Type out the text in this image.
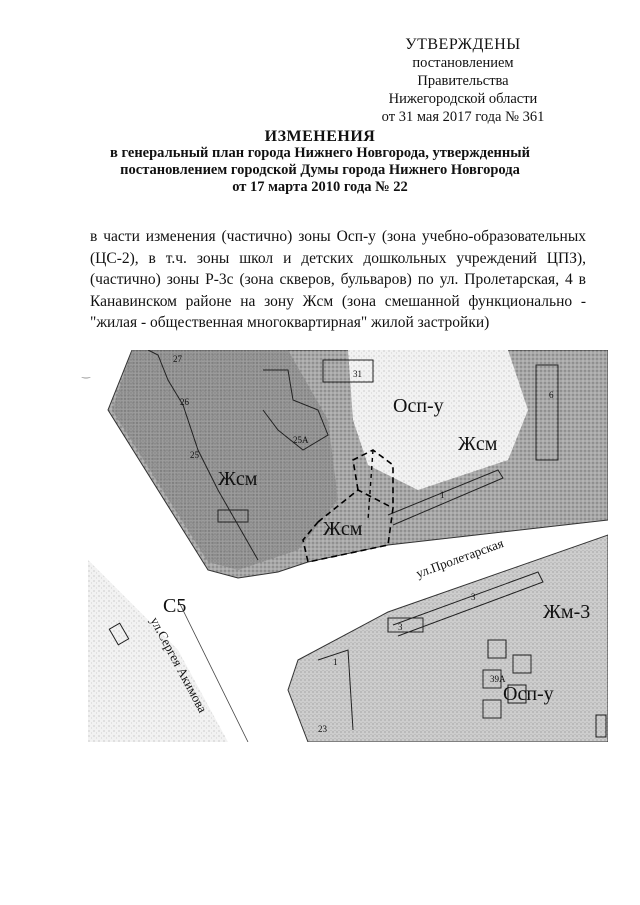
УТВЕРЖДЕНЫ
постановлением Правительства
Нижегородской области
от 31 мая 2017 года № 361
ИЗМЕНЕНИЯ
в генеральный план города Нижнего Новгорода, утвержденный
постановлением городской Думы города Нижнего Новгорода
от 17 марта 2010 года № 22
в части изменения (частично) зоны Осп-у (зона учебно-образовательных
(ЦС-2), в т.ч. зоны школ и детских дошкольных учреждений ЦПЗ),
(частично) зоны Р-3с (зона скверов, бульваров) по ул. Пролетарская, 4 в
Канавинском районе на зону Жсм (зона смешанной функционально -
"жилая - общественная многоквартирная" жилой застройки)
Осп-у
Жсм
Жсм
Жсм
С5	Жм-3
Осп-у
ул.Пролетарская
ул.Сергея Акимова
27
31
26
25А
25
6
1
3
3
1
39А
23
‿
